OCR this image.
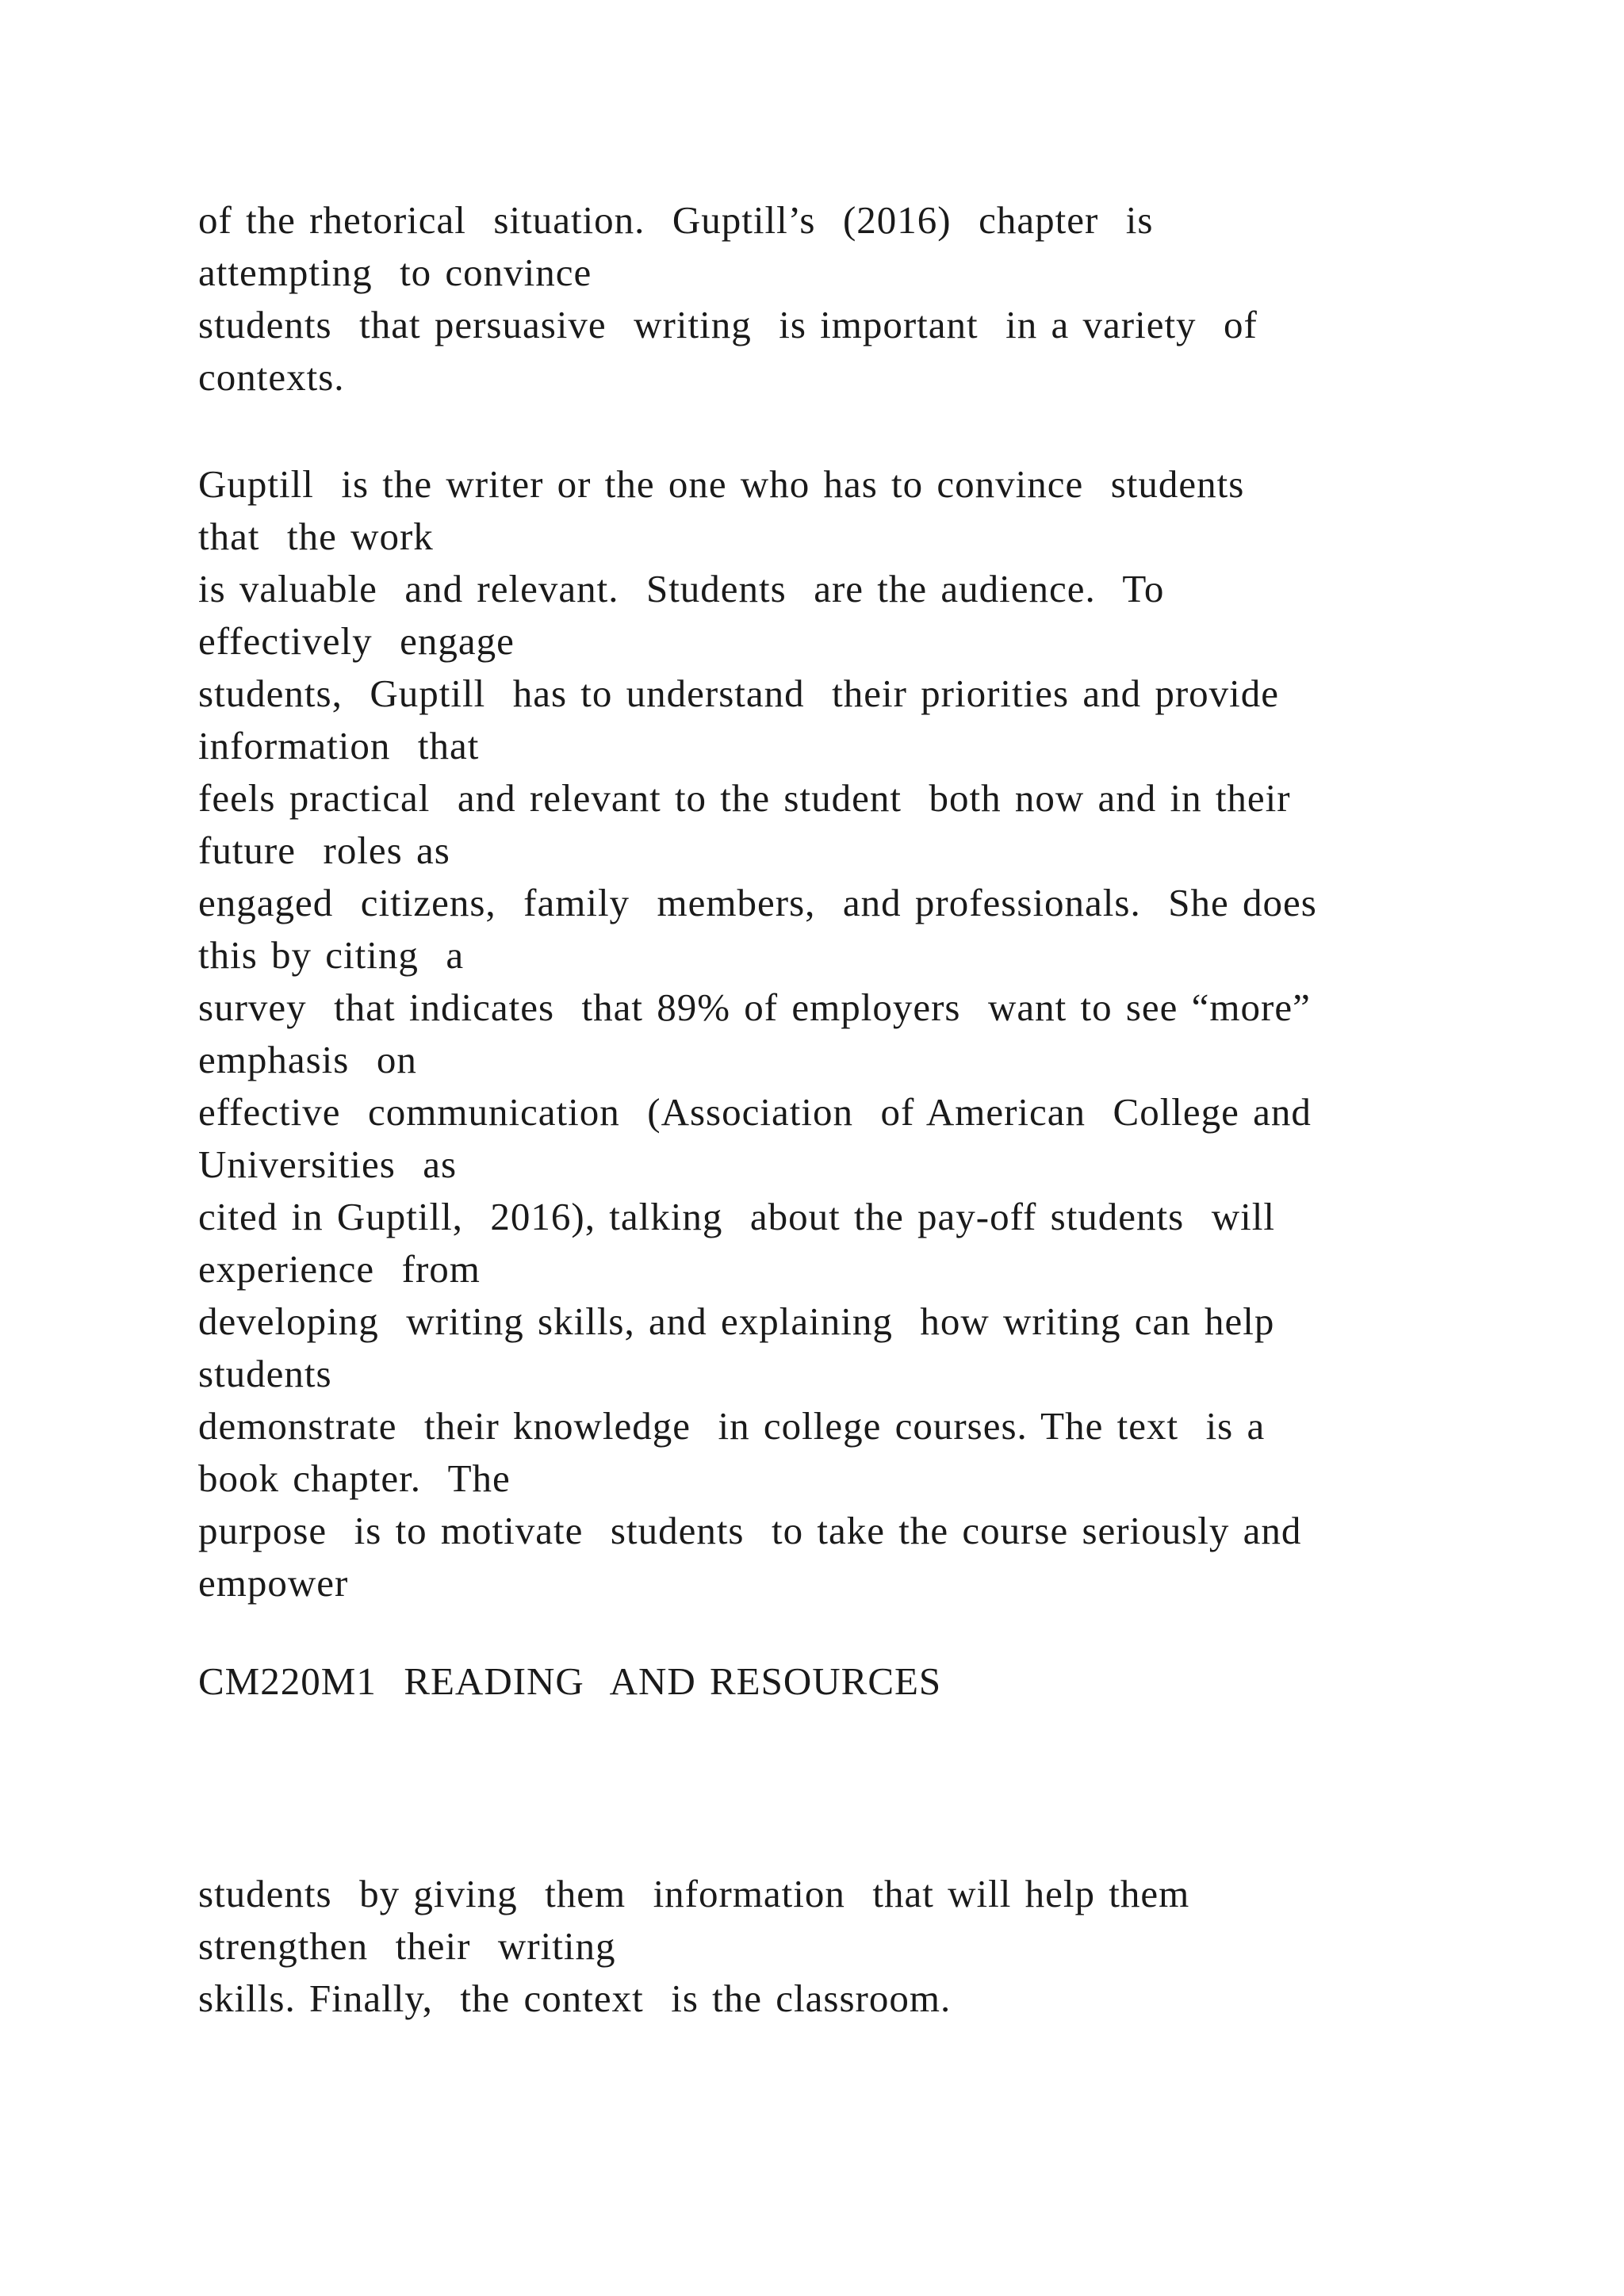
of the rhetorical  situation.  Guptill’s  (2016)  chapter  is
attempting  to convince
students  that persuasive  writing  is important  in a variety  of
contexts.

Guptill  is the writer or the one who has to convince  students
that  the work
is valuable  and relevant.  Students  are the audience.  To
effectively  engage
students,  Guptill  has to understand  their priorities and provide
information  that
feels practical  and relevant to the student  both now and in their
future  roles as
engaged  citizens,  family  members,  and professionals.  She does
this by citing  a
survey  that indicates  that 89% of employers  want to see “more”
emphasis  on
effective  communication  (Association  of American  College and
Universities  as
cited in Guptill,  2016), talking  about the pay-off students  will
experience  from
developing  writing skills, and explaining  how writing can help
students
demonstrate  their knowledge  in college courses. The text  is a
book chapter.  The
purpose  is to motivate  students  to take the course seriously and
empower

CM220M1  READING  AND RESOURCES

students  by giving  them  information  that will help them
strengthen  their  writing
skills. Finally,  the context  is the classroom.
